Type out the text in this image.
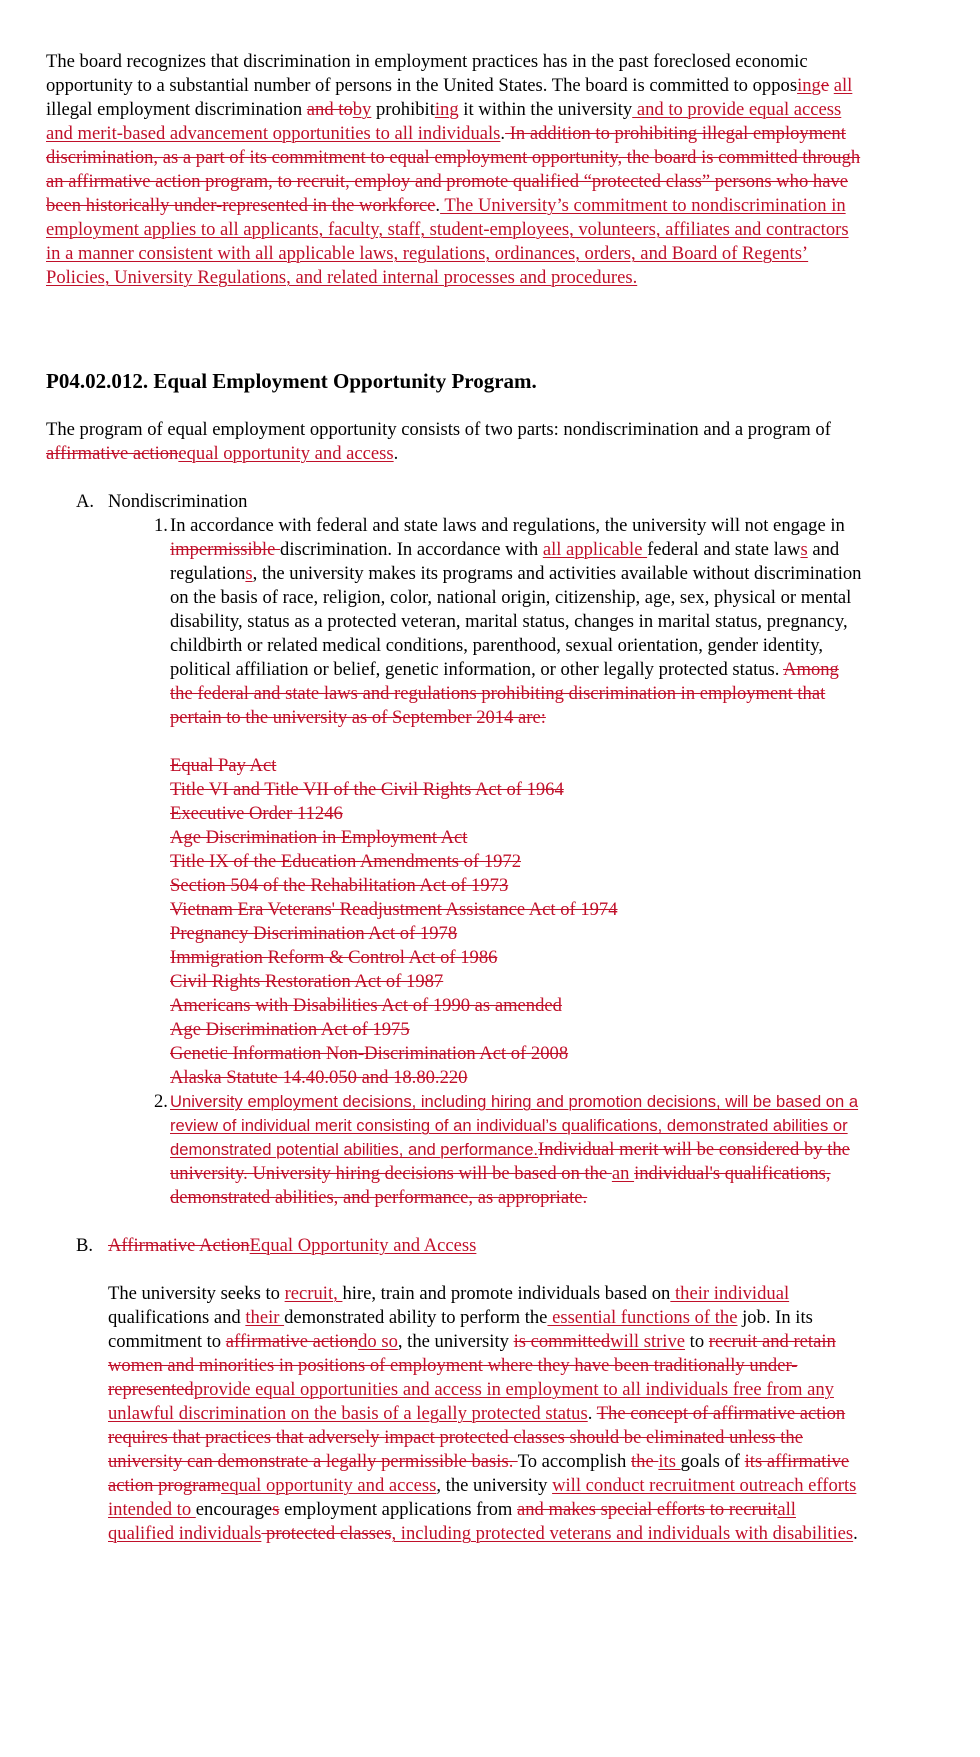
The board recognizes that discrimination in employment practices has in the past foreclosed economic opportunity to a substantial number of persons in the United States. The board is committed to opposinge all illegal employment discrimination and toby prohibiting it within the university and to provide equal access and merit-based advancement opportunities to all individuals. In addition to prohibiting illegal employment discrimination, as a part of its commitment to equal employment opportunity, the board is committed through an affirmative action program, to recruit, employ and promote qualified “protected class” persons who have been historically under-represented in the workforce. The University’s commitment to nondiscrimination in employment applies to all applicants, faculty, staff, student-employees, volunteers, affiliates and contractors in a manner consistent with all applicable laws, regulations, ordinances, orders, and Board of Regents’ Policies, University Regulations, and related internal processes and procedures.

P04.02.012. Equal Employment Opportunity Program.

The program of equal employment opportunity consists of two parts: nondiscrimination and a program of affirmative actionequal opportunity and access.

A. Nondiscrimination
1. In accordance with federal and state laws and regulations, the university will not engage in impermissible discrimination. In accordance with all applicable federal and state laws and regulations, the university makes its programs and activities available without discrimination on the basis of race, religion, color, national origin, citizenship, age, sex, physical or mental disability, status as a protected veteran, marital status, changes in marital status, pregnancy, childbirth or related medical conditions, parenthood, sexual orientation, gender identity, political affiliation or belief, genetic information, or other legally protected status. Among the federal and state laws and regulations prohibiting discrimination in employment that pertain to the university as of September 2014 are:

Equal Pay Act
Title VI and Title VII of the Civil Rights Act of 1964
Executive Order 11246
Age Discrimination in Employment Act
Title IX of the Education Amendments of 1972
Section 504 of the Rehabilitation Act of 1973
Vietnam Era Veterans' Readjustment Assistance Act of 1974
Pregnancy Discrimination Act of 1978
Immigration Reform & Control Act of 1986
Civil Rights Restoration Act of 1987
Americans with Disabilities Act of 1990 as amended
Age Discrimination Act of 1975
Genetic Information Non-Discrimination Act of 2008
Alaska Statute 14.40.050 and 18.80.220
2. University employment decisions, including hiring and promotion decisions, will be based on a review of individual merit consisting of an individual’s qualifications, demonstrated abilities or demonstrated potential abilities, and performance.Individual merit will be considered by the university. University hiring decisions will be based on the an individual's qualifications, demonstrated abilities, and performance, as appropriate.

B. Affirmative ActionEqual Opportunity and Access

The university seeks to recruit, hire, train and promote individuals based on their individual qualifications and their demonstrated ability to perform the essential functions of the job. In its commitment to affirmative actiondo so, the university is committedwill strive to recruit and retain women and minorities in positions of employment where they have been traditionally under-representedprovide equal opportunities and access in employment to all individuals free from any unlawful discrimination on the basis of a legally protected status. The concept of affirmative action requires that practices that adversely impact protected classes should be eliminated unless the university can demonstrate a legally permissible basis. To accomplish the its goals of its affirmative action programequal opportunity and access, the university will conduct recruitment outreach efforts intended to encourages employment applications from and makes special efforts to recruitall qualified individuals protected classes, including protected veterans and individuals with disabilities.
